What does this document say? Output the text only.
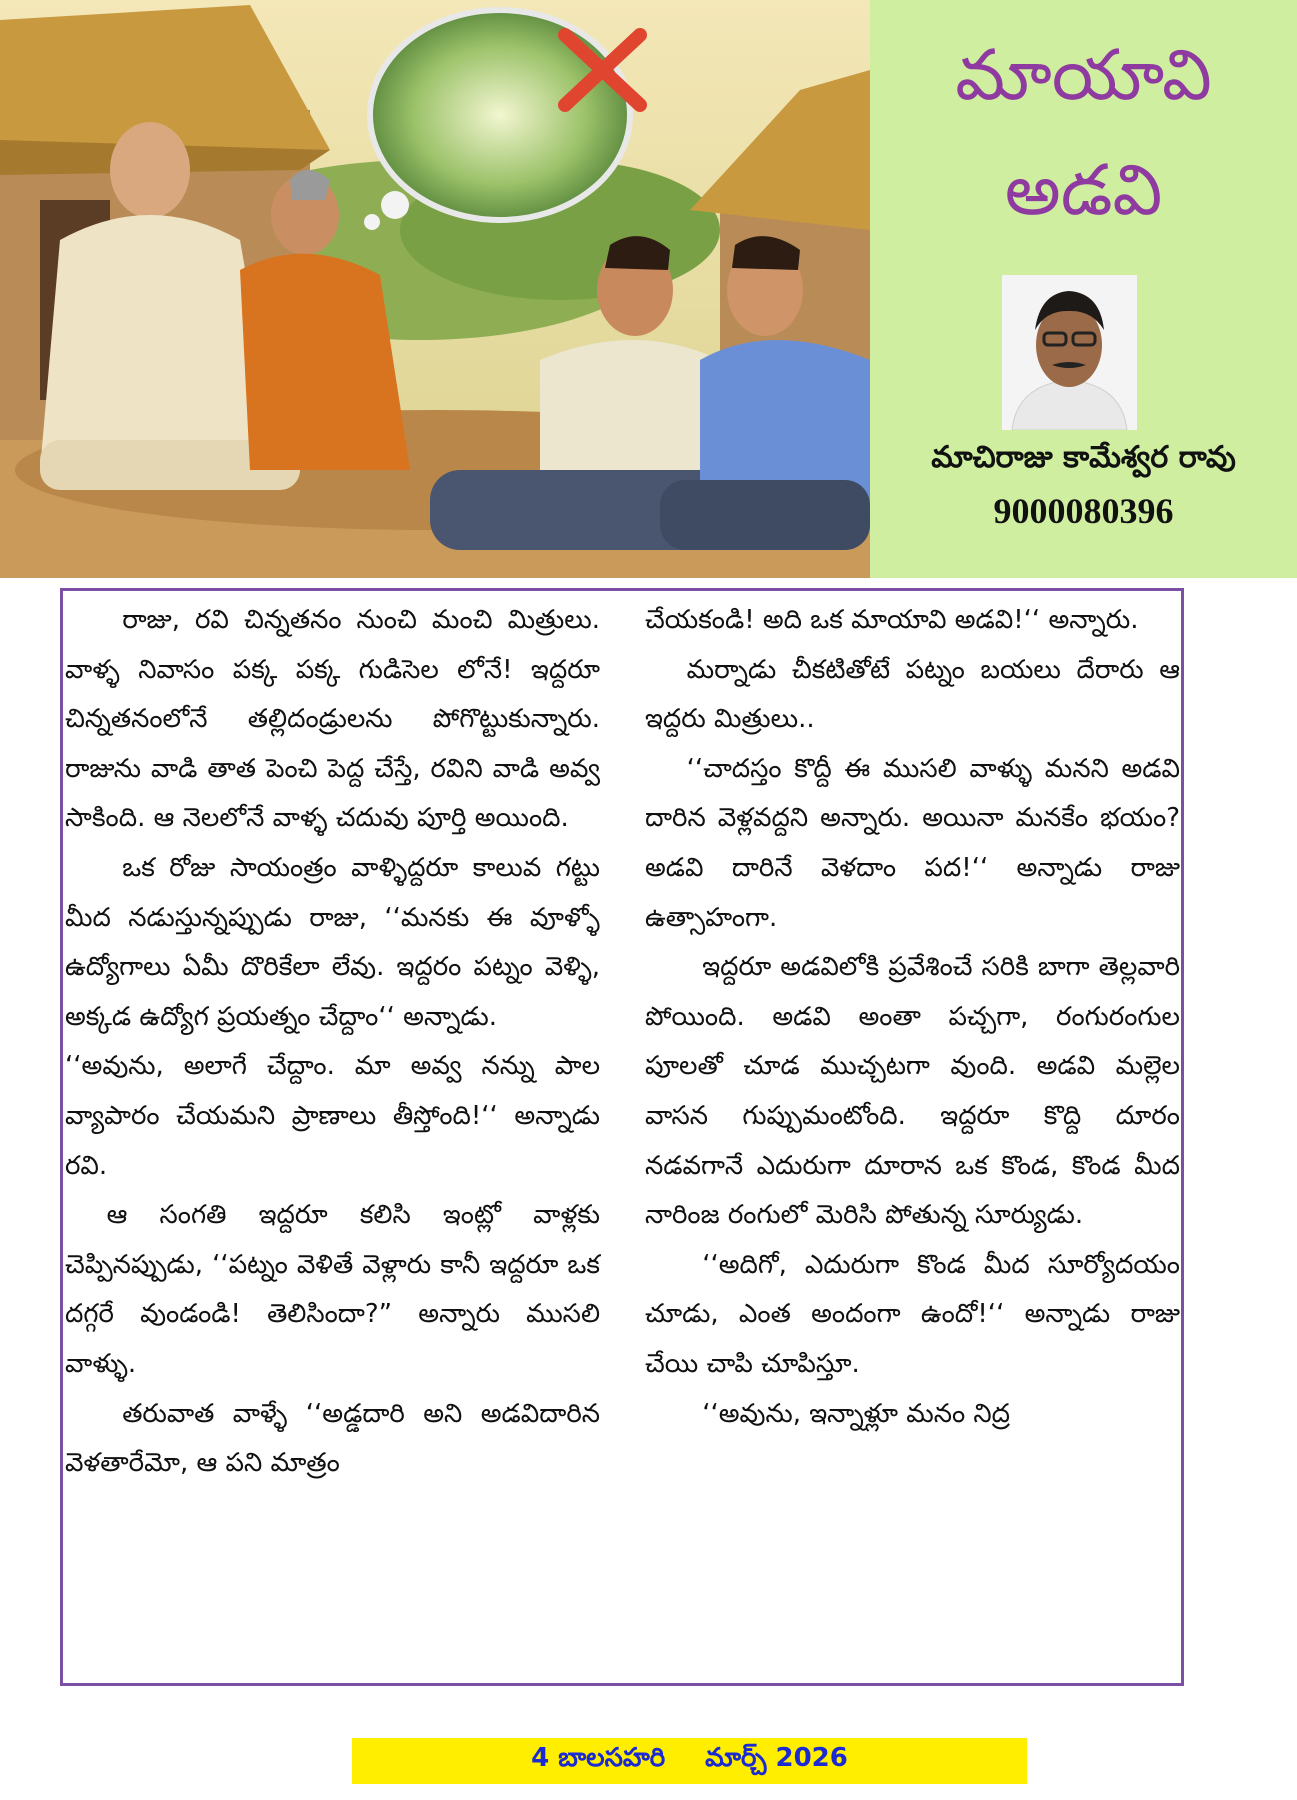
మాయావి
అడవి
మాచిరాజు కామేశ్వర రావు
9000080396

రాజు, రవి చిన్నతనం నుంచి మంచి మిత్రులు. వాళ్ళ నివాసం పక్క పక్క గుడిసెల లోనే! ఇద్దరూ చిన్నతనంలోనే తల్లిదండ్రులను పోగొట్టుకున్నారు. రాజును వాడి తాత పెంచి పెద్ద చేస్తే, రవిని వాడి అవ్వ సాకింది. ఆ నెలలోనే వాళ్ళ చదువు పూర్తి అయింది.

ఒక రోజు సాయంత్రం వాళ్ళిద్దరూ కాలువ గట్టు మీద నడుస్తున్నప్పుడు రాజు, ‘‘మనకు ఈ వూళ్ళో ఉద్యోగాలు ఏమీ దొరికేలా లేవు. ఇద్దరం పట్నం వెళ్ళి, అక్కడ ఉద్యోగ ప్రయత్నం చేద్దాం‘‘ అన్నాడు.

‘‘అవును, అలాగే చేద్దాం. మా అవ్వ నన్ను పాల వ్యాపారం చేయమని ప్రాణాలు తీస్తోంది!‘‘ అన్నాడు రవి.

ఆ సంగతి ఇద్దరూ కలిసి ఇంట్లో వాళ్లకు చెప్పినప్పుడు, ‘‘పట్నం వెళితే వెళ్లారు కానీ ఇద్దరూ ఒక దగ్గరే వుండండి! తెలిసిందా?” అన్నారు ముసలి వాళ్ళు.

తరువాత వాళ్ళే ‘‘అడ్డదారి అని అడవిదారిన వెళతారేమో, ఆ పని మాత్రం

చేయకండి! అది ఒక మాయావి అడవి!‘‘ అన్నారు.

మర్నాడు చీకటితోటే పట్నం బయలు దేరారు ఆ ఇద్దరు మిత్రులు..

‘‘చాదస్తం కొద్దీ ఈ ముసలి వాళ్ళు మనని అడవి దారిన వెళ్లవద్దని అన్నారు. అయినా మనకేం భయం? అడవి దారినే వెళదాం పద!‘‘ అన్నాడు రాజు ఉత్సాహంగా.

ఇద్దరూ అడవిలోకి ప్రవేశించే సరికి బాగా తెల్లవారి పోయింది. అడవి అంతా పచ్చగా, రంగురంగుల పూలతో చూడ ముచ్చటగా వుంది. అడవి మల్లెల వాసన గుప్పుమంటోంది. ఇద్దరూ కొద్ది దూరం నడవగానే ఎదురుగా దూరాన ఒక కొండ, కొండ మీద నారింజ రంగులో మెరిసి పోతున్న సూర్యుడు.

‘‘అదిగో, ఎదురుగా కొండ మీద సూర్యోదయం చూడు, ఎంత అందంగా ఉందో!‘‘ అన్నాడు రాజు చేయి చాపి చూపిస్తూ.

‘‘అవును, ఇన్నాళ్లూ మనం నిద్ర

4 బాలసహరి మార్చ్ 2026
